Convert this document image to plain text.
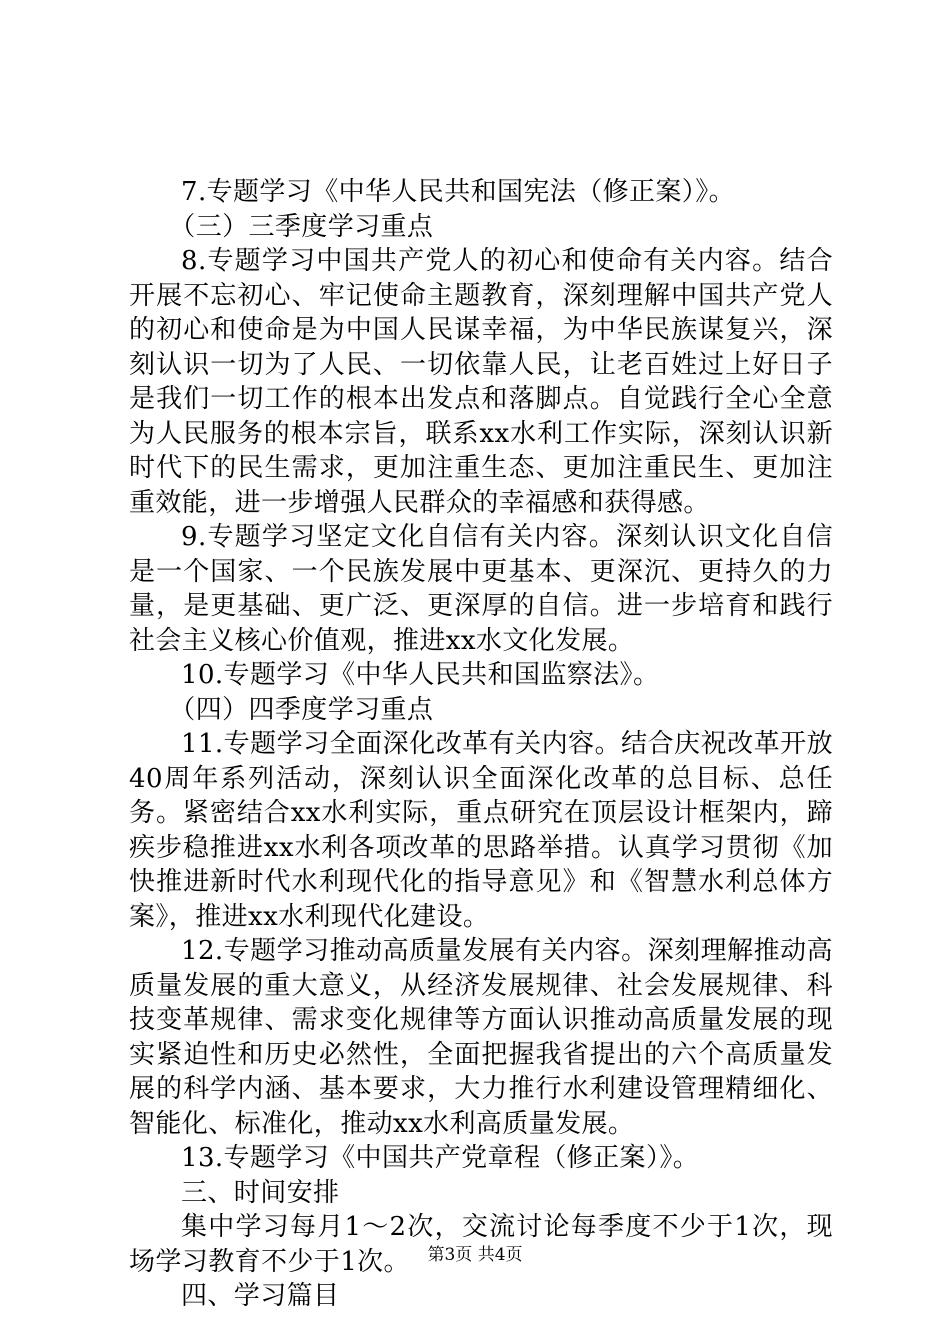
7.专题学习《中华人民共和国宪法（修正案）》。

（三）三季度学习重点

8.专题学习中国共产党人的初心和使命有关内容。结合开展不忘初心、牢记使命主题教育，深刻理解中国共产党人的初心和使命是为中国人民谋幸福，为中华民族谋复兴，深刻认识一切为了人民、一切依靠人民，让老百姓过上好日子是我们一切工作的根本出发点和落脚点。自觉践行全心全意为人民服务的根本宗旨，联系xx水利工作实际，深刻认识新时代下的民生需求，更加注重生态、更加注重民生、更加注重效能，进一步增强人民群众的幸福感和获得感。

9.专题学习坚定文化自信有关内容。深刻认识文化自信是一个国家、一个民族发展中更基本、更深沉、更持久的力量，是更基础、更广泛、更深厚的自信。进一步培育和践行社会主义核心价值观，推进xx水文化发展。

10.专题学习《中华人民共和国监察法》。

（四）四季度学习重点

11.专题学习全面深化改革有关内容。结合庆祝改革开放40周年系列活动，深刻认识全面深化改革的总目标、总任务。紧密结合xx水利实际，重点研究在顶层设计框架内，蹄疾步稳推进xx水利各项改革的思路举措。认真学习贯彻《加快推进新时代水利现代化的指导意见》和《智慧水利总体方案》，推进xx水利现代化建设。

12.专题学习推动高质量发展有关内容。深刻理解推动高质量发展的重大意义，从经济发展规律、社会发展规律、科技变革规律、需求变化规律等方面认识推动高质量发展的现实紧迫性和历史必然性，全面把握我省提出的六个高质量发展的科学内涵、基本要求，大力推行水利建设管理精细化、智能化、标准化，推动xx水利高质量发展。

13.专题学习《中国共产党章程（修正案）》。

三、时间安排

集中学习每月1～2次，交流讨论每季度不少于1次，现场学习教育不少于1次。

四、学习篇目

第3页 共4页
